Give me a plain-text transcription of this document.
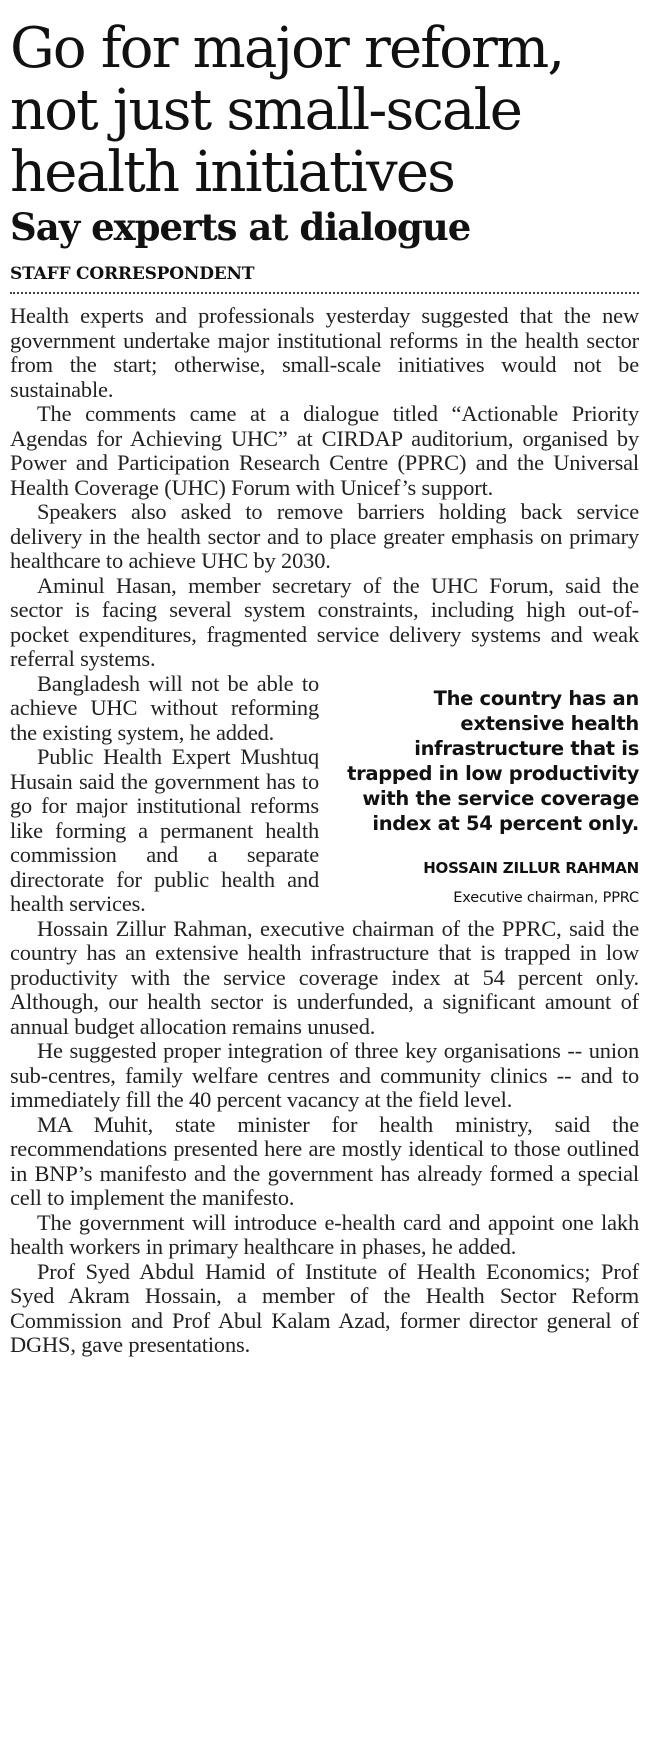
Go for major reform, not just small-scale health initiatives
Say experts at dialogue
STAFF CORRESPONDENT

Health experts and professionals yesterday suggested that the new government undertake major institutional reforms in the health sector from the start; otherwise, small-scale initiatives would not be sustainable.

The comments came at a dialogue titled “Actionable Priority Agendas for Achieving UHC” at CIRDAP auditorium, organised by Power and Participation Research Centre (PPRC) and the Universal Health Coverage (UHC) Forum with Unicef’s support.

Speakers also asked to remove barriers holding back service delivery in the health sector and to place greater emphasis on primary healthcare to achieve UHC by 2030.

Aminul Hasan, member secretary of the UHC Forum, said the sector is facing several system constraints, including high out-of-pocket expenditures, fragmented service delivery systems and weak referral systems.

The country has an extensive health infrastructure that is trapped in low productivity with the service coverage index at 54 percent only.
HOSSAIN ZILLUR RAHMAN
Executive chairman, PPRC

Bangladesh will not be able to achieve UHC without reforming the existing system, he added.

Public Health Expert Mushtuq Husain said the government has to go for major institutional reforms like forming a permanent health commission and a separate directorate for public health and health services.

Hossain Zillur Rahman, executive chairman of the PPRC, said the country has an extensive health infrastructure that is trapped in low productivity with the service coverage index at 54 percent only. Although, our health sector is underfunded, a significant amount of annual budget allocation remains unused.

He suggested proper integration of three key organisations -- union sub-centres, family welfare centres and community clinics -- and to immediately fill the 40 percent vacancy at the field level.

MA Muhit, state minister for health ministry, said the recommendations presented here are mostly identical to those outlined in BNP’s manifesto and the government has already formed a special cell to implement the manifesto.

The government will introduce e-health card and appoint one lakh health workers in primary healthcare in phases, he added.

Prof Syed Abdul Hamid of Institute of Health Economics; Prof Syed Akram Hossain, a member of the Health Sector Reform Commission and Prof Abul Kalam Azad, former director general of DGHS, gave presentations.
